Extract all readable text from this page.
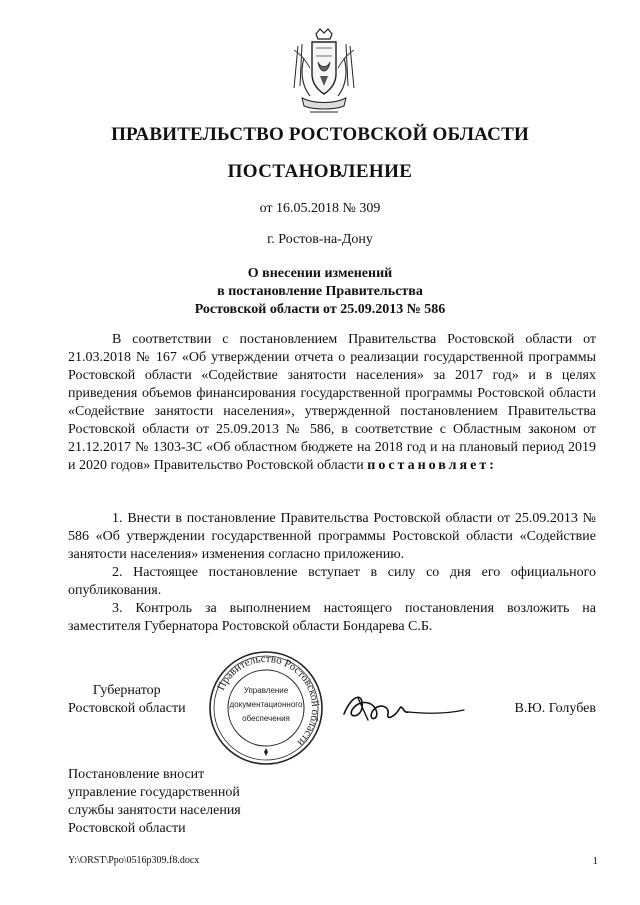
ПРАВИТЕЛЬСТВО РОСТОВСКОЙ ОБЛАСТИ
ПОСТАНОВЛЕНИЕ
от 16.05.2018 № 309
г. Ростов-на-Дону
О внесении изменений
в постановление Правительства
Ростовской области от 25.09.2013 № 586

В соответствии с постановлением Правительства Ростовской области от 21.03.2018 № 167 «Об утверждении отчета о реализации государственной программы Ростовской области «Содействие занятости населения» за 2017 год» и в целях приведения объемов финансирования государственной программы Ростовской области «Содействие занятости населения», утвержденной постановлением Правительства Ростовской области от 25.09.2013 № 586, в соответствие с Областным законом от 21.12.2017 № 1303-ЗС «Об областном бюджете на 2018 год и на плановый период 2019 и 2020 годов» Правительство Ростовской области постановляет:

1. Внести в постановление Правительства Ростовской области от 25.09.2013 № 586 «Об утверждении государственной программы Ростовской области «Содействие занятости населения» изменения согласно приложению.

2. Настоящее постановление вступает в силу со дня его официального опубликования.

3. Контроль за выполнением настоящего постановления возложить на заместителя Губернатора Ростовской области Бондарева С.Б.

Губернатор
Ростовской области
Правительство Ростовской области
Управление
документационного
обеспечения
В.Ю. Голубев
Постановление вносит
управление государственной
службы занятости населения
Ростовской области
Y:\ORST\Ppo\0516p309.f8.docx	1
